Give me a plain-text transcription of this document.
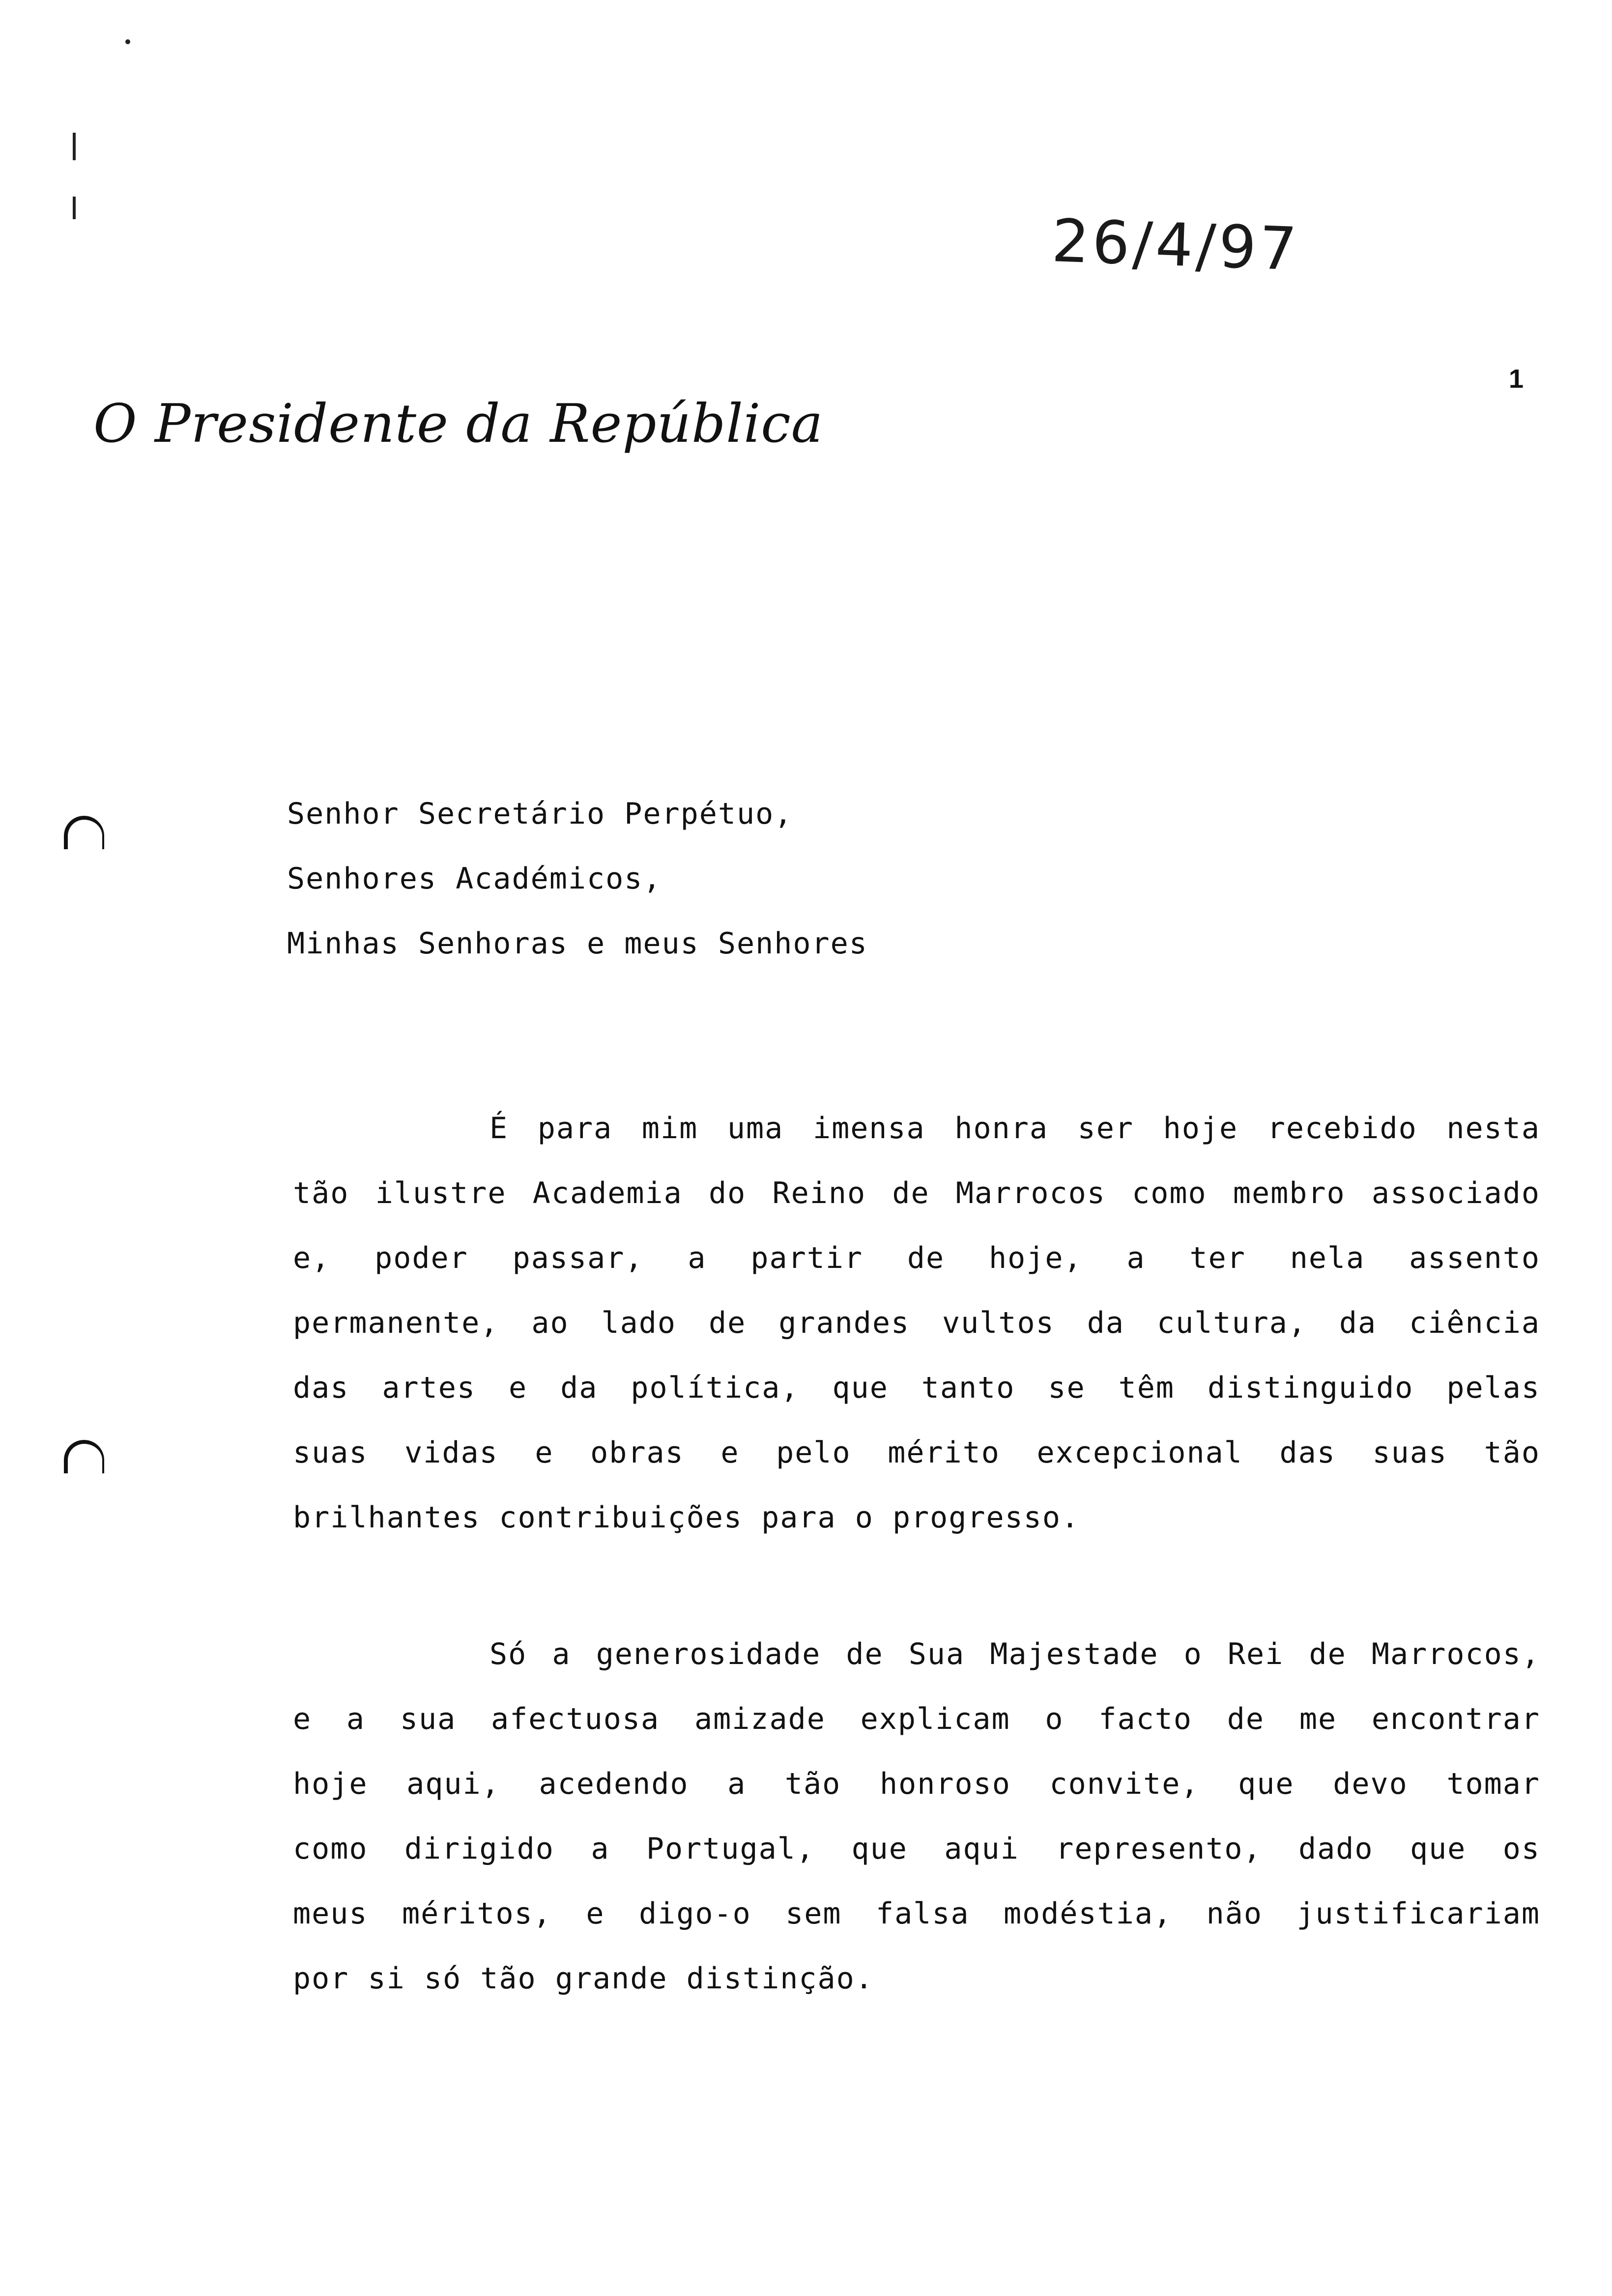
26/4/97
1
O Presidente da República
Senhor Secretário Perpétuo,
Senhores Académicos,
Minhas Senhoras e meus Senhores
É para mim uma imensa honra ser hoje recebido nesta
tão ilustre Academia do Reino de Marrocos como membro associado
e, poder passar, a partir de hoje, a ter nela assento
permanente, ao lado de grandes vultos da cultura, da ciência
das artes e da política, que tanto se têm distinguido pelas
suas vidas e obras e pelo mérito excepcional das suas tão
brilhantes contribuições para o progresso.
Só a generosidade de Sua Majestade o Rei de Marrocos,
e a sua afectuosa amizade explicam o facto de me encontrar
hoje aqui, acedendo a tão honroso convite, que devo tomar
como dirigido a Portugal, que aqui represento, dado que os
meus méritos, e digo-o sem falsa modéstia, não justificariam
por si só tão grande distinção.
